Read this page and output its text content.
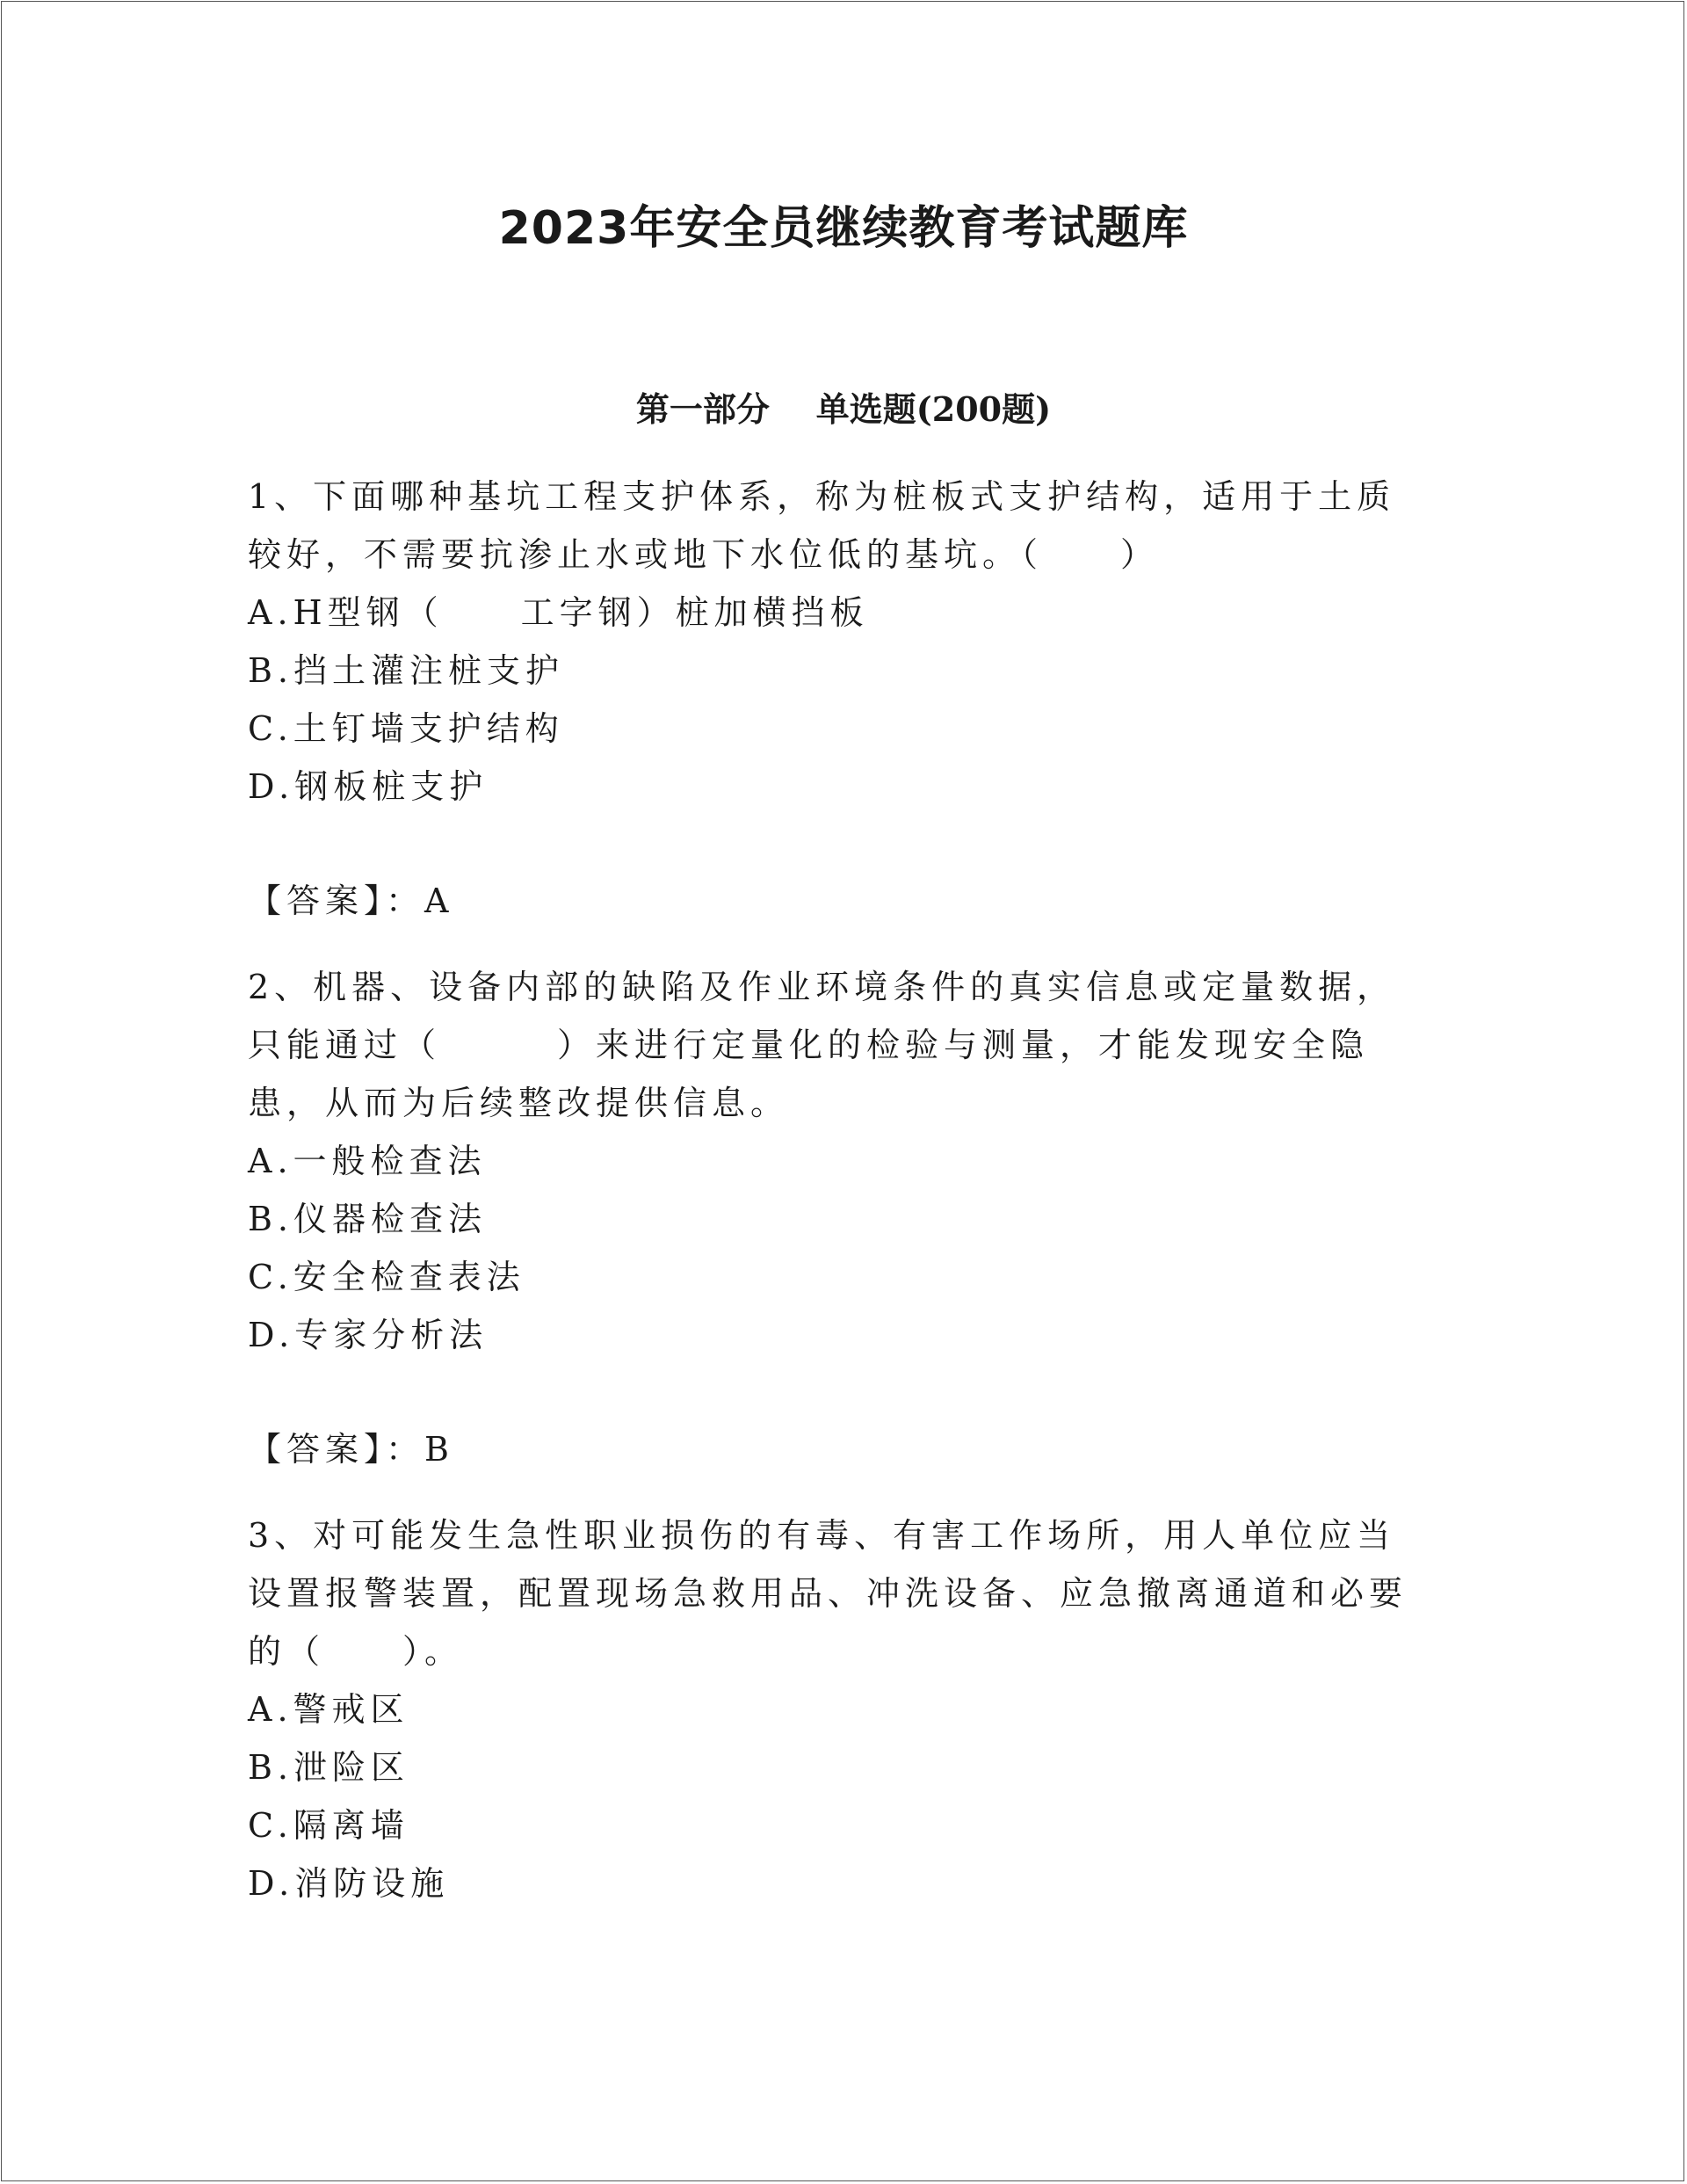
2023年安全员继续教育考试题库
第一部分    单选题(200题)

1、下面哪种基坑工程支护体系，称为桩板式支护结构，适用于土质较好，不需要抗渗止水或地下水位低的基坑。（　　）

A.H型钢（　　工字钢）桩加横挡板

B.挡土灌注桩支护

C.土钉墙支护结构

D.钢板桩支护

【答案】：A

2、机器、设备内部的缺陷及作业环境条件的真实信息或定量数据，只能通过（　　　）来进行定量化的检验与测量，才能发现安全隐患，从而为后续整改提供信息。

A.一般检查法

B.仪器检查法

C.安全检查表法

D.专家分析法

【答案】：B

3、对可能发生急性职业损伤的有毒、有害工作场所，用人单位应当设置报警装置，配置现场急救用品、冲洗设备、应急撤离通道和必要的（　　）。

A.警戒区

B.泄险区

C.隔离墙

D.消防设施
